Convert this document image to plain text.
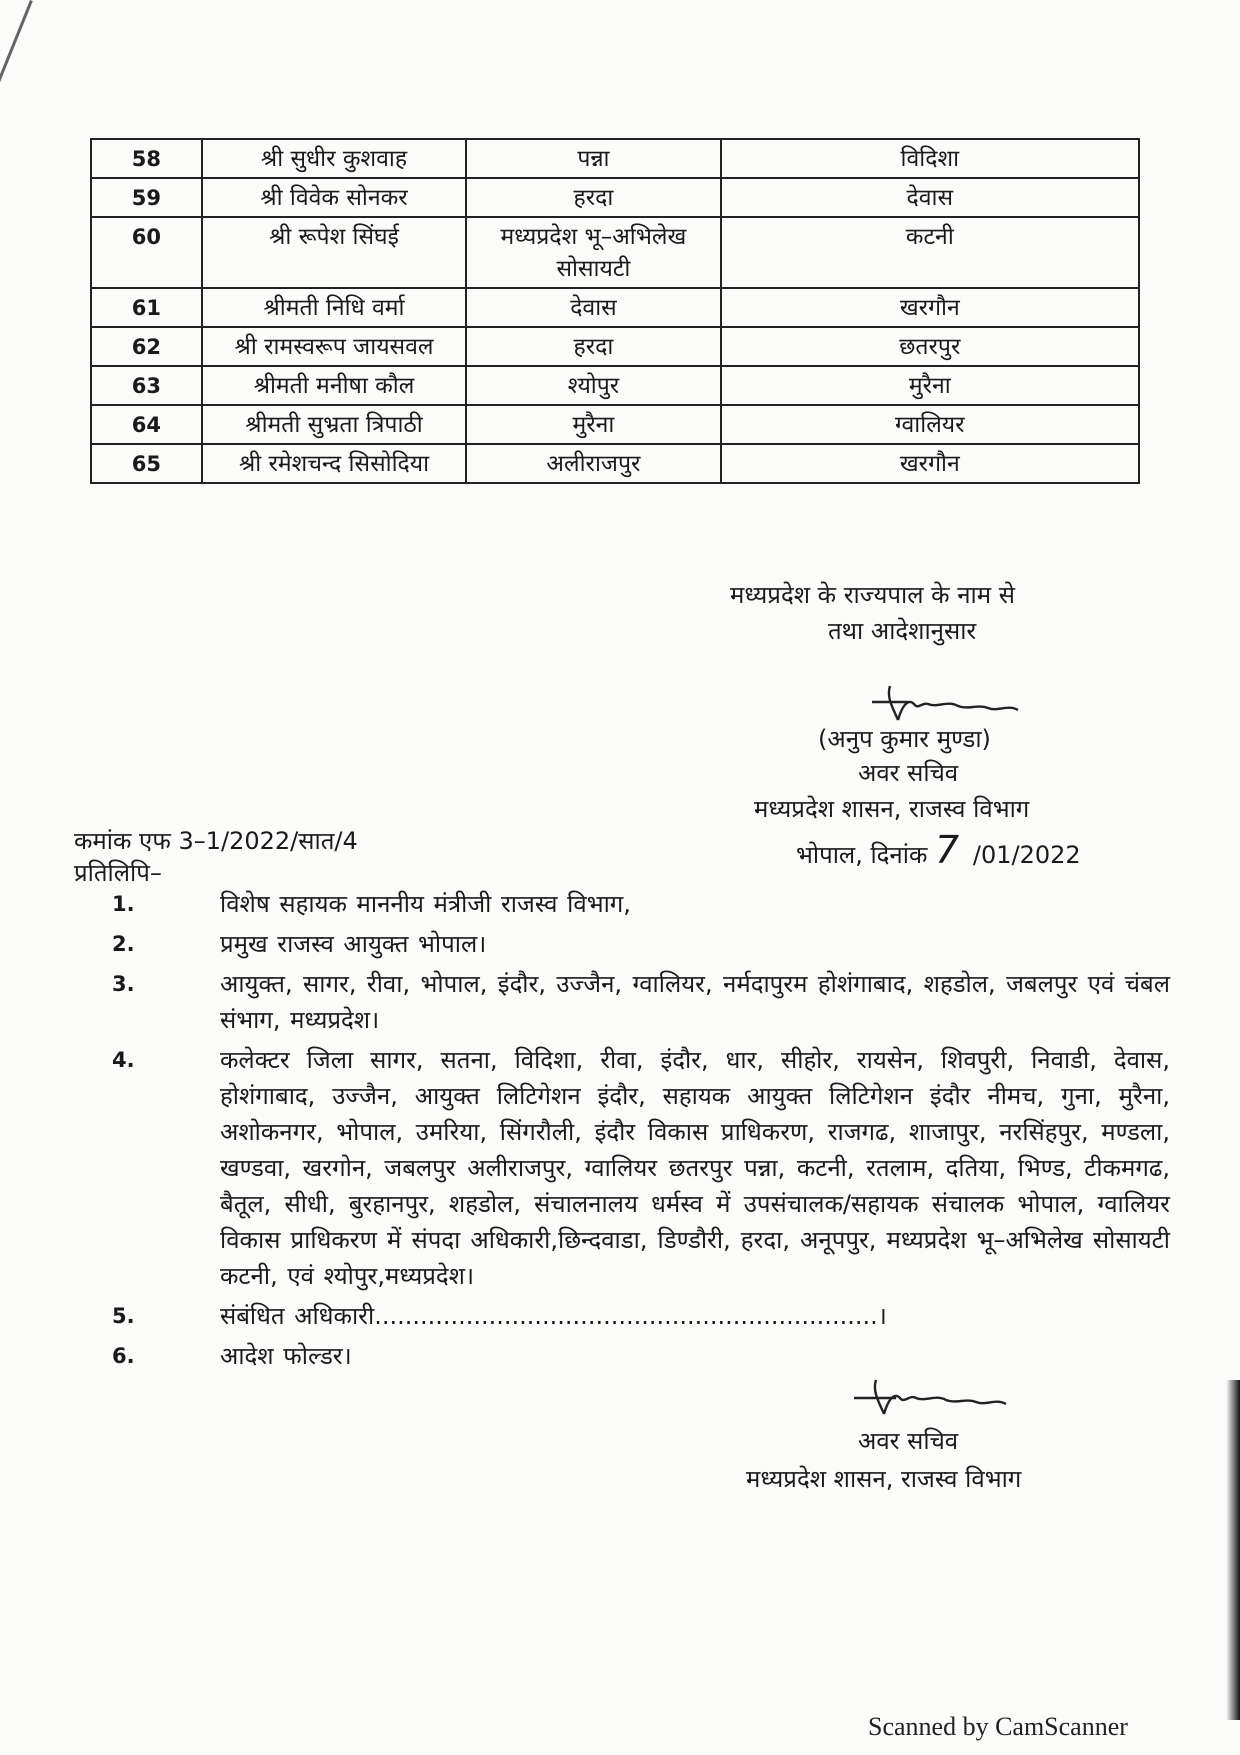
58	श्री सुधीर कुशवाह	पन्ना	विदिशा
59	श्री विवेक सोनकर	हरदा	देवास
60	श्री रूपेश सिंघई	मध्यप्रदेश भू–अभिलेख सोसायटी	कटनी
61	श्रीमती निधि वर्मा	देवास	खरगौन
62	श्री रामस्वरूप जायसवल	हरदा	छतरपुर
63	श्रीमती मनीषा कौल	श्योपुर	मुरैना
64	श्रीमती सुभ्रता त्रिपाठी	मुरैना	ग्वालियर
65	श्री रमेशचन्द सिसोदिया	अलीराजपुर	खरगौन
मध्यप्रदेश के राज्यपाल के नाम से
तथा आदेशानुसार
(अनुप कुमार मुण्डा)
अवर सचिव
मध्यप्रदेश शासन, राजस्व विभाग
भोपाल, दिनांक 7 /01/2022
कमांक एफ 3–1/2022/सात/4
प्रतिलिपि–
1.	विशेष सहायक माननीय मंत्रीजी राजस्व विभाग,
2.	प्रमुख राजस्व आयुक्त भोपाल।
3.	आयुक्त, सागर, रीवा, भोपाल, इंदौर, उज्जैन, ग्वालियर, नर्मदापुरम होशंगाबाद, शहडोल, जबलपुर एवं चंबल संभाग, मध्यप्रदेश।
4.	कलेक्टर जिला सागर, सतना, विदिशा, रीवा, इंदौर, धार, सीहोर, रायसेन, शिवपुरी, निवाडी, देवास, होशंगाबाद, उज्जैन, आयुक्त लिटिगेशन इंदौर, सहायक आयुक्त लिटिगेशन इंदौर नीमच, गुना, मुरैना, अशोकनगर, भोपाल, उमरिया, सिंगरौली, इंदौर विकास प्राधिकरण, राजगढ, शाजापुर, नरसिंहपुर, मण्डला, खण्डवा, खरगोन, जबलपुर अलीराजपुर, ग्वालियर छतरपुर पन्ना, कटनी, रतलाम, दतिया, भिण्ड, टीकमगढ, बैतूल, सीधी, बुरहानपुर, शहडोल, संचालनालय धर्मस्व में उपसंचालक/सहायक संचालक भोपाल, ग्वालियर विकास प्राधिकरण में संपदा अधिकारी,छिन्दवाडा, डिण्डौरी, हरदा, अनूपपुर, मध्यप्रदेश भू–अभिलेख सोसायटी कटनी, एवं श्योपुर,मध्यप्रदेश।
5.	संबंधित अधिकारी..................................................................।
6.	आदेश फोल्डर।
अवर सचिव
मध्यप्रदेश शासन, राजस्व विभाग
Scanned by CamScanner
